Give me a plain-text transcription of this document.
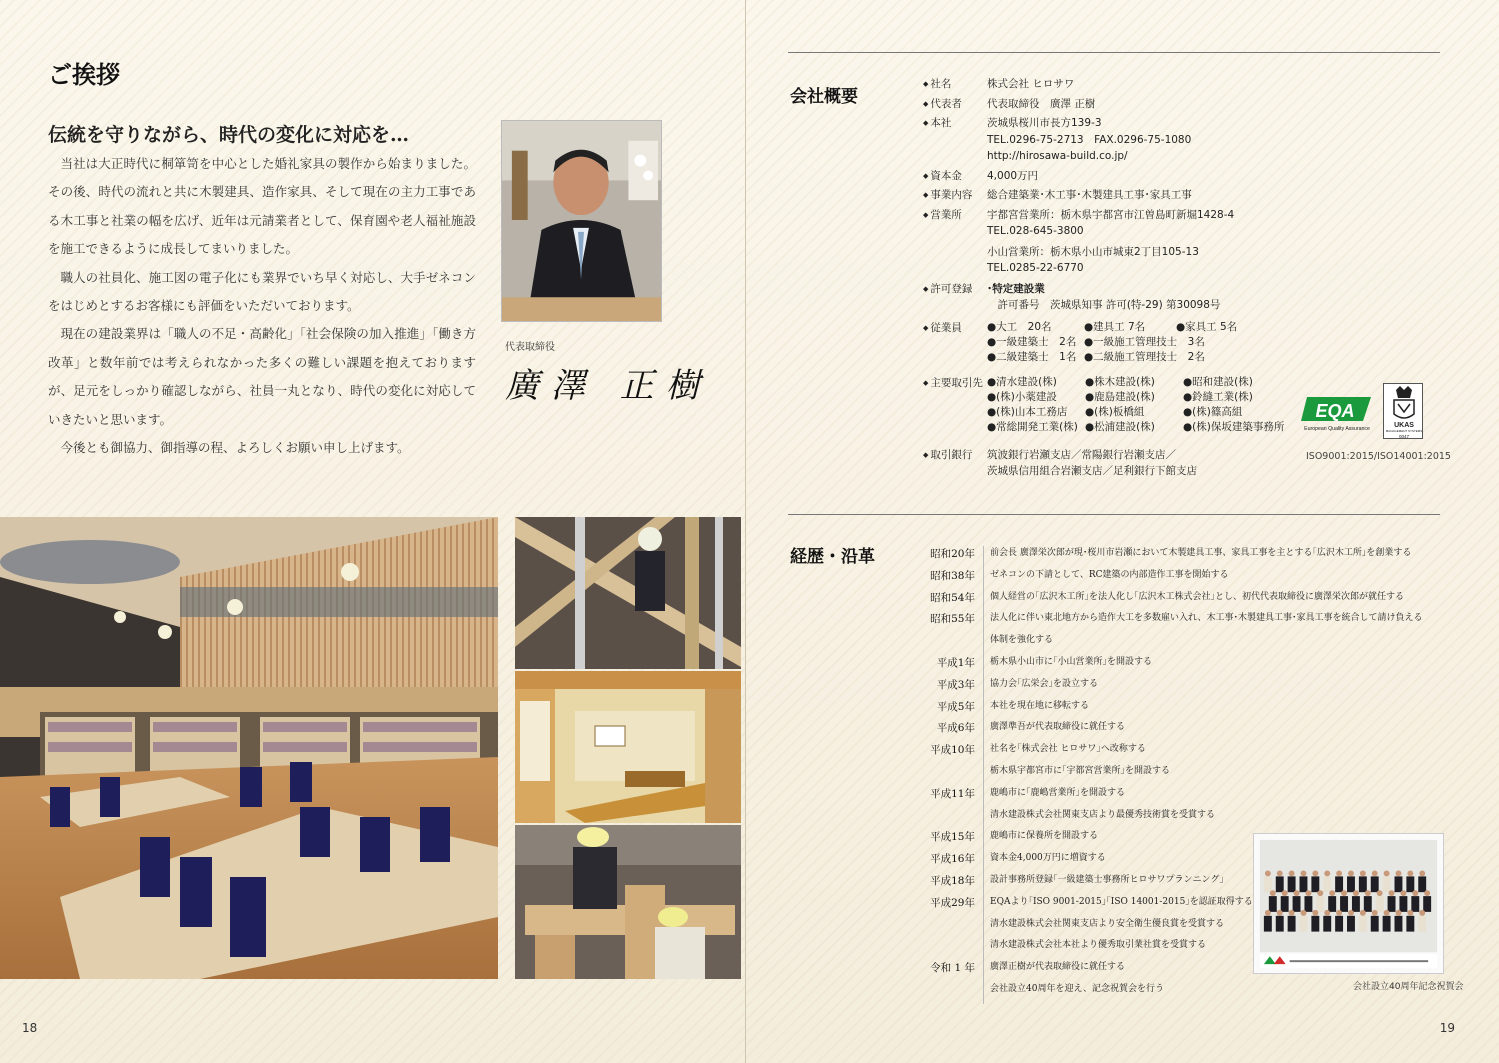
ご挨拶
伝統を守りながら、時代の変化に対応を…

当社は大正時代に桐箪笥を中心とした婚礼家具の製作から始まりました。その後、時代の流れと共に木製建具、造作家具、そして現在の主力工事である木工事と社業の幅を広げ、近年は元請業者として、保育園や老人福祉施設を施工できるように成長してまいりました。

職人の社員化、施工図の電子化にも業界でいち早く対応し、大手ゼネコンをはじめとするお客様にも評価をいただいております。

現在の建設業界は「職人の不足・高齢化」「社会保険の加入推進」「働き方改革」と数年前では考えられなかった多くの難しい課題を抱えておりますが、足元をしっかり確認しながら、社員一丸となり、時代の変化に対応していきたいと思います。

今後とも御協力、御指導の程、よろしくお願い申し上げます。

代表取締役
廣澤 正樹
18
会社概要
◆ 社名	株式会社 ヒロサワ
◆ 代表者	代表取締役　廣澤 正樹
◆ 本社	茨城県桜川市長方139-3
TEL.0296-75-2713　FAX.0296-75-1080
http://hirosawa-build.co.jp/
◆ 資本金	4,000万円
◆ 事業内容	総合建築業･木工事･木製建具工事･家具工事
◆ 営業所	宇都宮営業所：栃木県宇都宮市江曽島町新堀1428-4
TEL.028-645-3800
小山営業所：栃木県小山市城東2丁目105-13
TEL.0285-22-6770
◆ 許可登録	･特定建設業
　許可番号　茨城県知事 許可(特-29) 第30098号
◆ 従業員	●大工　20名	●建具工 7名	●家具工 5名
●一級建築士　2名 ●一級施工管理技士　3名
●二級建築士　1名 ●二級施工管理技士　2名
◆ 主要取引先 ●清水建設(株)	●株木建設(株)	●昭和建設(株)
●(株)小薬建設	●鹿島建設(株)	●鈴縫工業(株)
●(株)山本工務店	●(株)板橋組	●(株)篠高組
●常総開発工業(株) ●松浦建設(株)	●(株)保坂建築事務所
◆ 取引銀行	筑波銀行岩瀬支店／常陽銀行岩瀬支店／
茨城県信用組合岩瀬支店／足利銀行下館支店
EQA
European Quality Assurance	UKAS
MANAGEMENT SYSTEMS
0047
ISO9001:2015/ISO14001:2015
経歴・沿革	昭和20年	前会長 廣澤栄次郎が現･桜川市岩瀬において木製建具工事、家具工事を主とする｢広沢木工所｣を創業する
昭和38年	ゼネコンの下請として、RC建築の内部造作工事を開始する
昭和54年	個人経営の｢広沢木工所｣を法人化し｢広沢木工株式会社｣とし、初代代表取締役に廣澤栄次郎が就任する
昭和55年	法人化に伴い東北地方から造作大工を多数雇い入れ、木工事･木製建具工事･家具工事を統合して請け負える
体制を強化する
平成1年	栃木県小山市に｢小山営業所｣を開設する
平成3年	協力会｢広栄会｣を設立する
平成5年	本社を現在地に移転する
平成6年	廣澤準吾が代表取締役に就任する
平成10年	社名を｢株式会社 ヒロサワ｣へ改称する
栃木県宇都宮市に｢宇都宮営業所｣を開設する
平成11年	鹿嶋市に｢鹿嶋営業所｣を開設する
清水建設株式会社関東支店より最優秀技術賞を受賞する
平成15年	鹿嶋市に保養所を開設する
平成16年	資本金4,000万円に増資する
平成18年	設計事務所登録｢一級建築士事務所ヒロサワプランニング｣
平成29年	EQAより｢ISO 9001-2015｣｢ISO 14001-2015｣を認証取得する
清水建設株式会社関東支店より安全衛生優良賞を受賞する
清水建設株式会社本社より優秀取引業社賞を受賞する
令和 1 年	廣澤正樹が代表取締役に就任する
会社設立40周年を迎え、記念祝賀会を行う	会社設立40周年記念祝賀会
19
